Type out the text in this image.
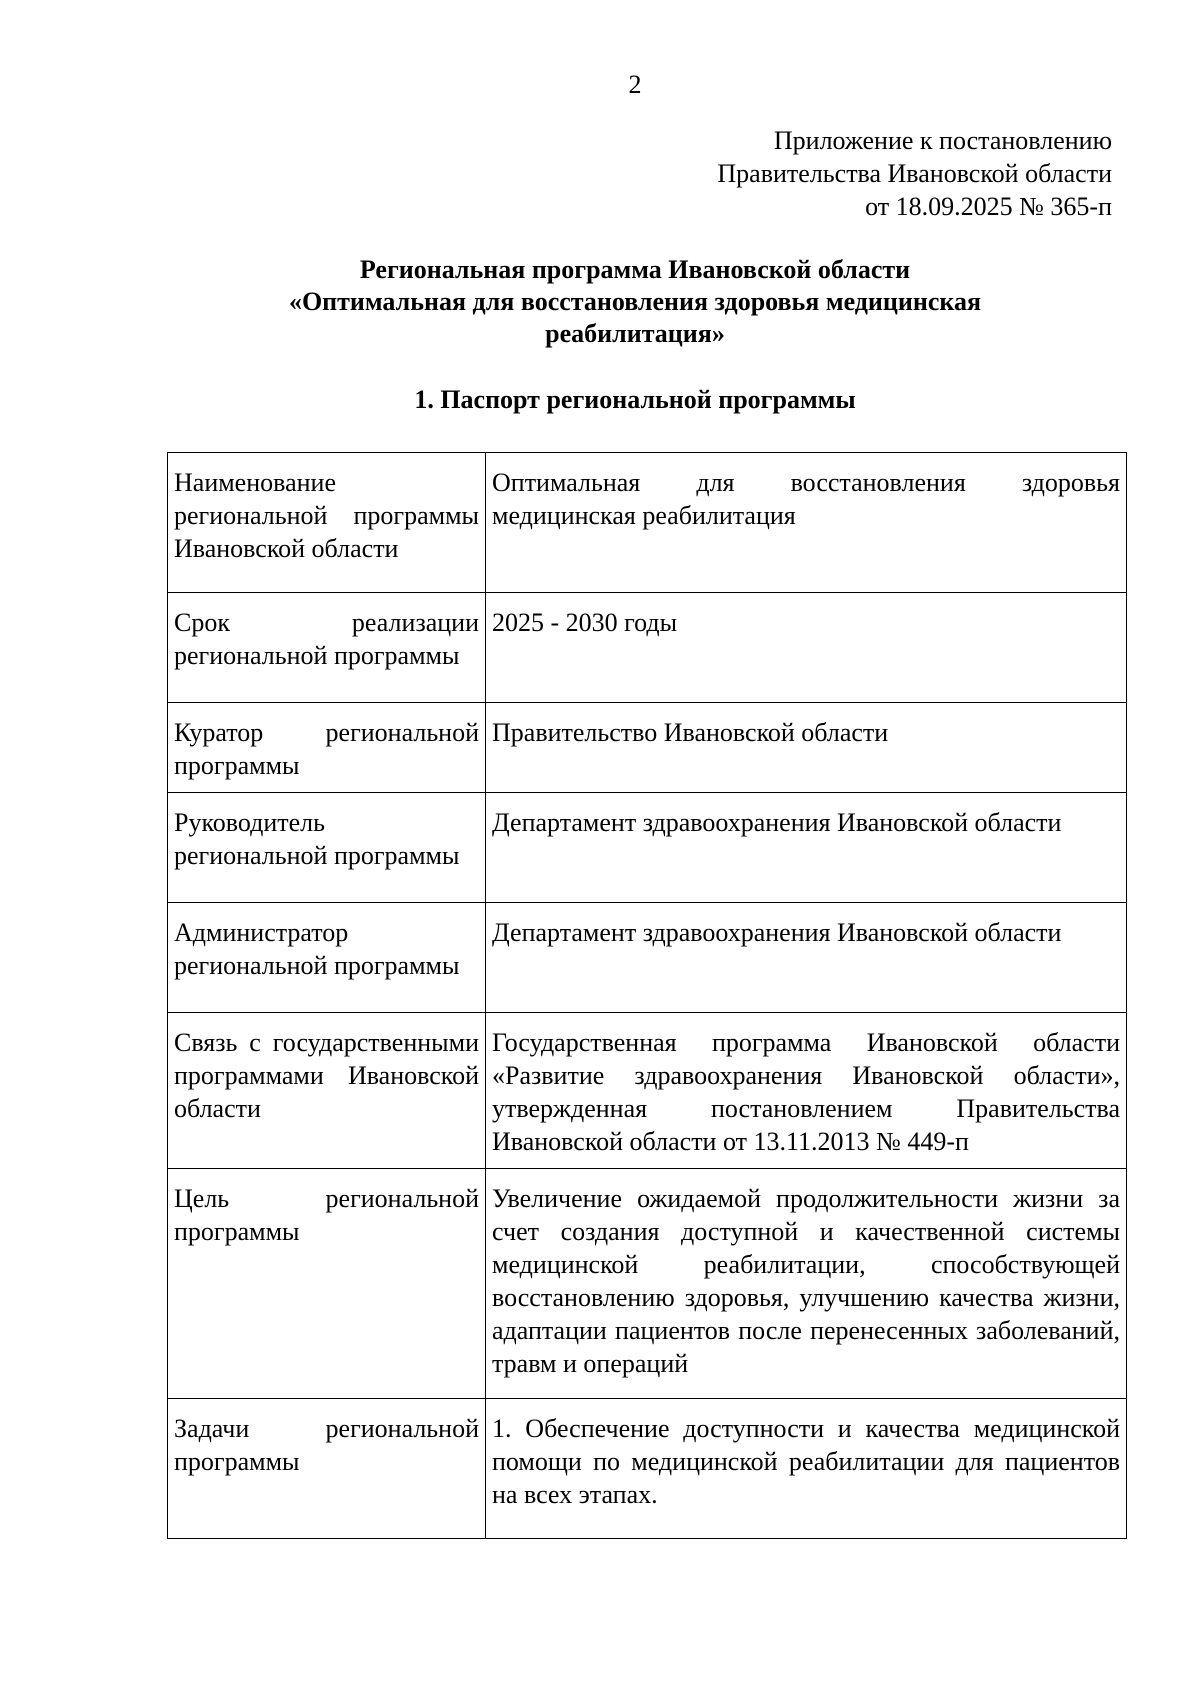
2
Приложение к постановлению
Правительства Ивановской области
от 18.09.2025 № 365-п
Региональная программа Ивановской области
«Оптимальная для восстановления здоровья медицинская
реабилитация»
1. Паспорт региональной программы
Наименование региональной программы Ивановской области	Оптимальная для восстановления здоровья медицинская реабилитация
Срок реализации региональной программы	2025 - 2030 годы
Куратор региональной программы	Правительство Ивановской области
Руководитель региональной программы	Департамент здравоохранения Ивановской области
Администратор региональной программы	Департамент здравоохранения Ивановской области
Связь с государственными программами Ивановской области	Государственная программа Ивановской области «Развитие здравоохранения Ивановской области», утвержденная постановлением Правительства Ивановской области от 13.11.2013 № 449-п
Цель региональной программы	Увеличение ожидаемой продолжительности жизни за счет создания доступной и качественной системы медицинской реабилитации, способствующей восстановлению здоровья, улучшению качества жизни, адаптации пациентов после перенесенных заболеваний, травм и операций
Задачи региональной программы	1. Обеспечение доступности и качества медицинской помощи по медицинской реабилитации для пациентов на всех этапах.
